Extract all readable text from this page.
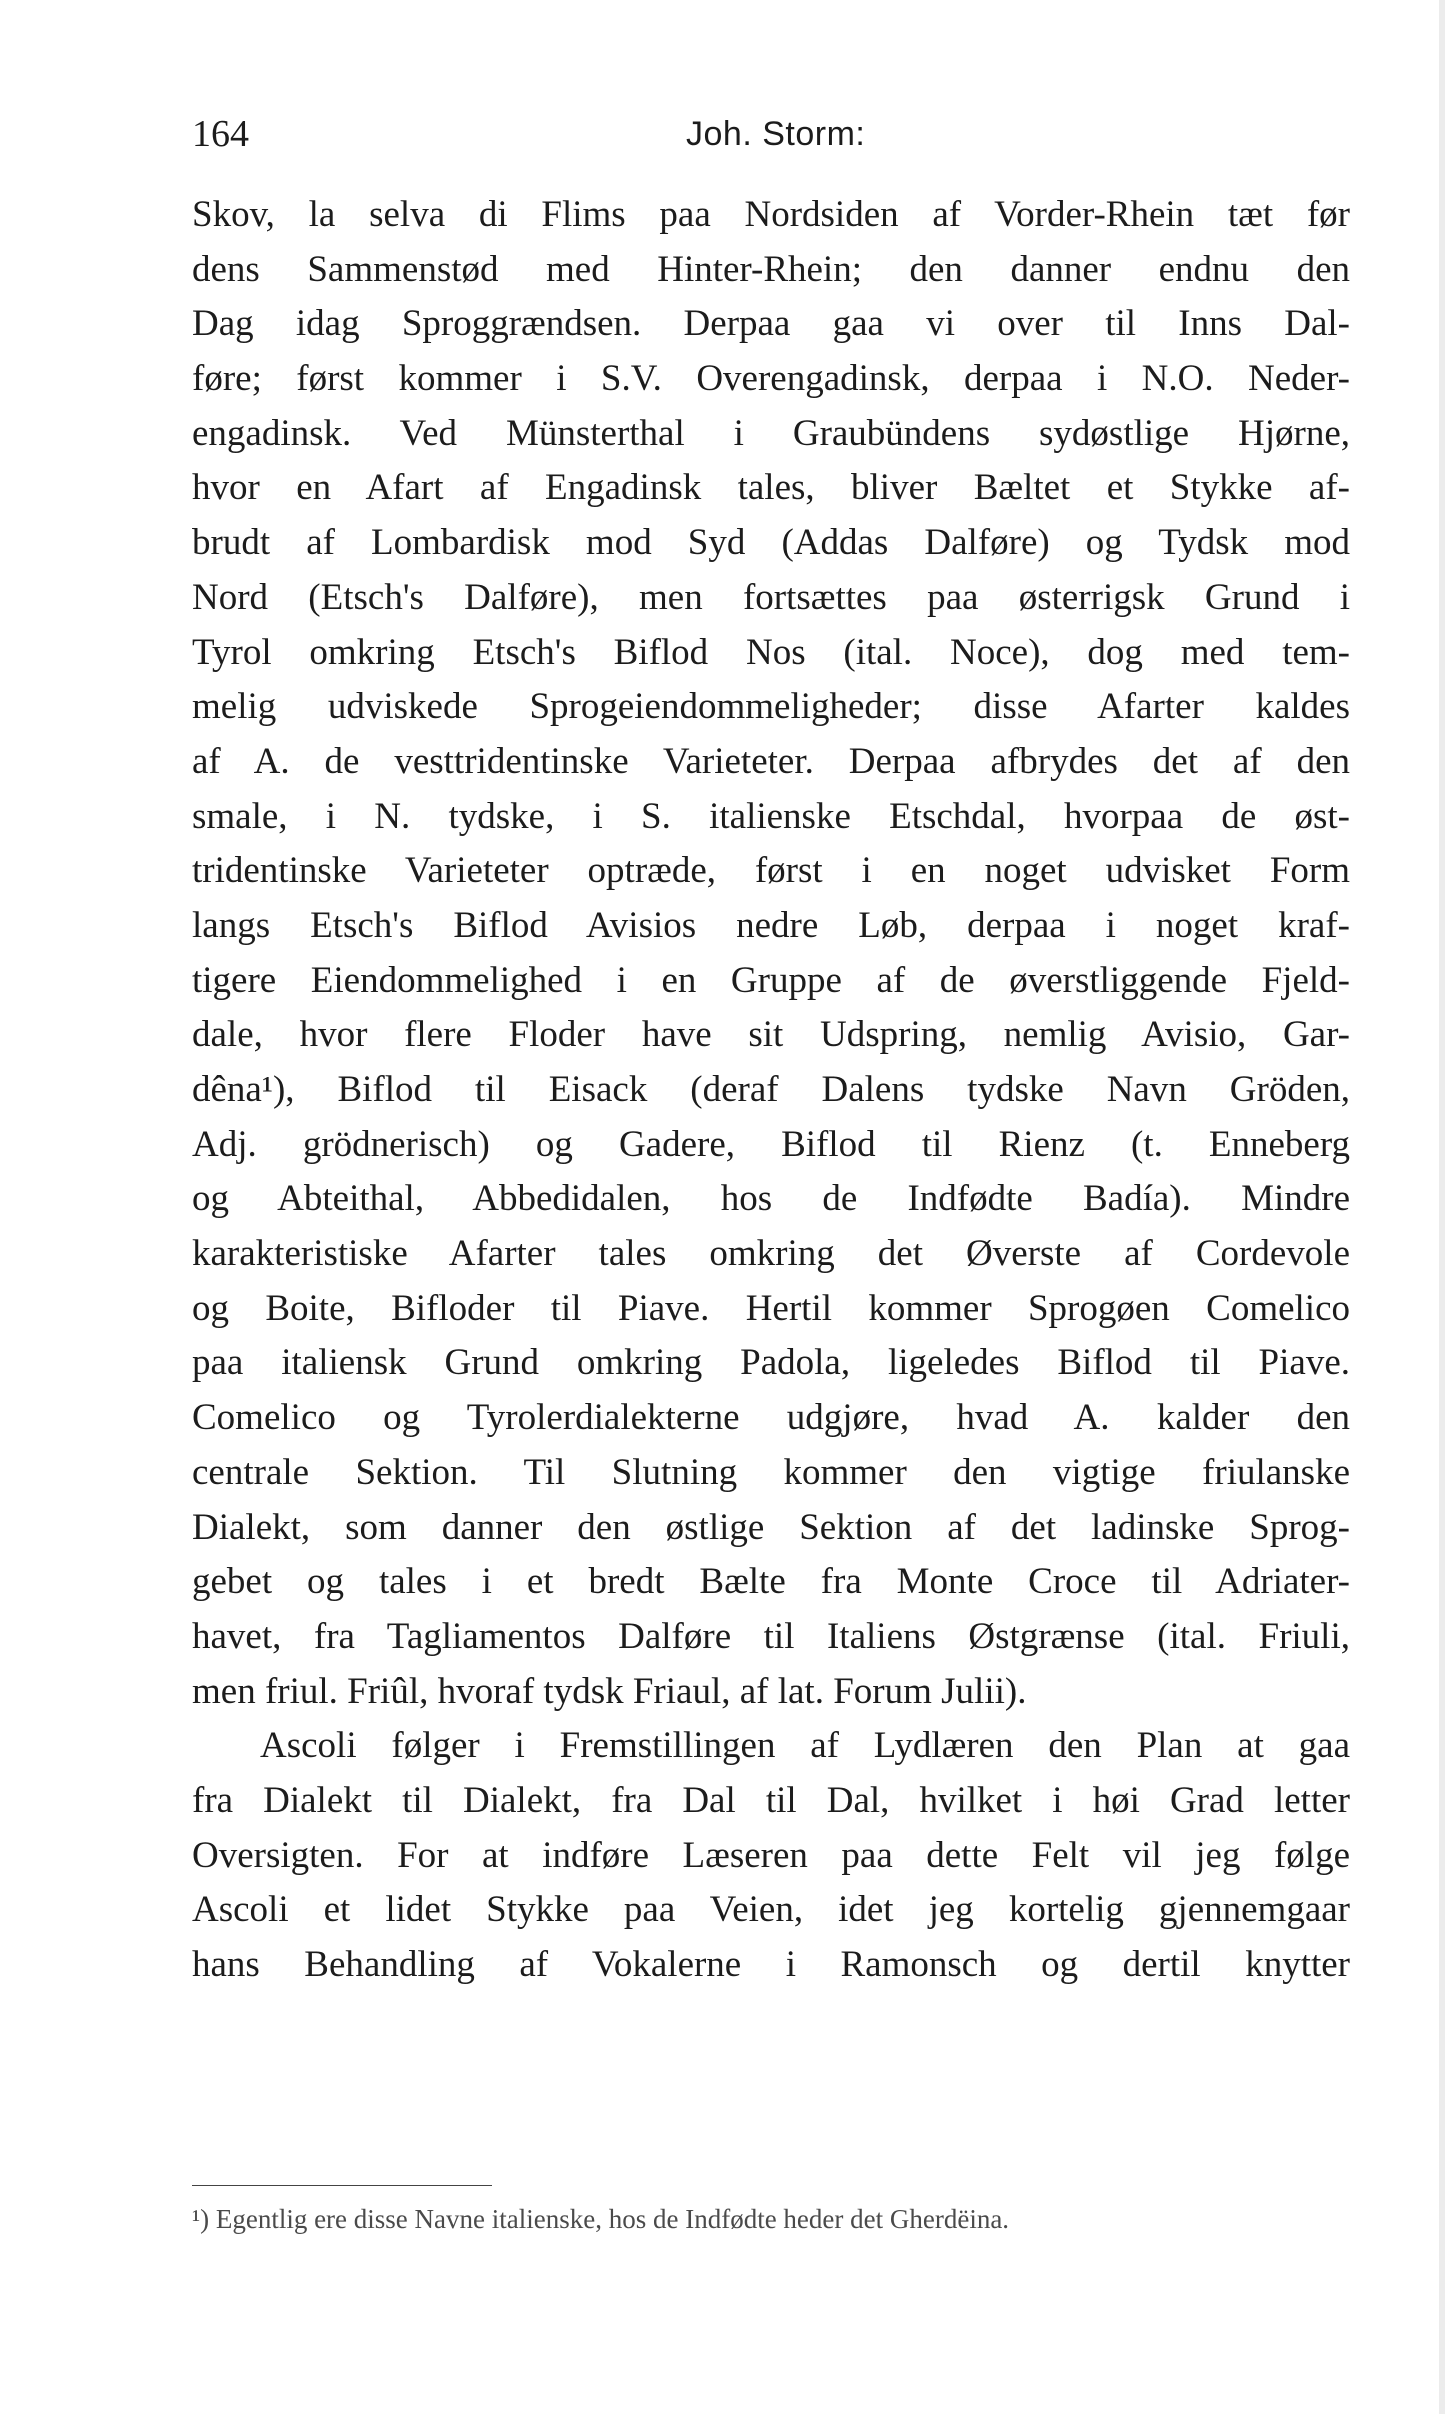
164	Joh. Storm:
Skov, la selva di Flims paa Nordsiden af Vorder-Rhein tæt før
dens Sammenstød med Hinter-Rhein; den danner endnu den
Dag idag Sproggrændsen. Derpaa gaa vi over til Inns Dal-
føre; først kommer i S.V. Overengadinsk, derpaa i N.O. Neder-
engadinsk. Ved Münsterthal i Graubündens sydøstlige Hjørne,
hvor en Afart af Engadinsk tales, bliver Bæltet et Stykke af-
brudt af Lombardisk mod Syd (Addas Dalføre) og Tydsk mod
Nord (Etsch's Dalføre), men fortsættes paa østerrigsk Grund i
Tyrol omkring Etsch's Biflod Nos (ital. Noce), dog med tem-
melig udviskede Sprogeiendommeligheder; disse Afarter kaldes
af A. de vesttridentinske Varieteter. Derpaa afbrydes det af den
smale, i N. tydske, i S. italienske Etschdal, hvorpaa de øst-
tridentinske Varieteter optræde, først i en noget udvisket Form
langs Etsch's Biflod Avisios nedre Løb, derpaa i noget kraf-
tigere Eiendommelighed i en Gruppe af de øverstliggende Fjeld-
dale, hvor flere Floder have sit Udspring, nemlig Avisio, Gar-
dêna¹), Biflod til Eisack (deraf Dalens tydske Navn Gröden,
Adj. grödnerisch) og Gadere, Biflod til Rienz (t. Enneberg
og Abteithal, Abbedidalen, hos de Indfødte Badía). Mindre
karakteristiske Afarter tales omkring det Øverste af Cordevole
og Boite, Bifloder til Piave. Hertil kommer Sprogøen Comelico
paa italiensk Grund omkring Padola, ligeledes Biflod til Piave.
Comelico og Tyrolerdialekterne udgjøre, hvad A. kalder den
centrale Sektion. Til Slutning kommer den vigtige friulanske
Dialekt, som danner den østlige Sektion af det ladinske Sprog-
gebet og tales i et bredt Bælte fra Monte Croce til Adriater-
havet, fra Tagliamentos Dalføre til Italiens Østgrænse (ital. Friuli,
men friul. Friûl, hvoraf tydsk Friaul, af lat. Forum Julii).
Ascoli følger i Fremstillingen af Lydlæren den Plan at gaa
fra Dialekt til Dialekt, fra Dal til Dal, hvilket i høi Grad letter
Oversigten. For at indføre Læseren paa dette Felt vil jeg følge
Ascoli et lidet Stykke paa Veien, idet jeg kortelig gjennemgaar
hans Behandling af Vokalerne i Ramonsch og dertil knytter
¹) Egentlig ere disse Navne italienske, hos de Indfødte heder det Gherdëina.
